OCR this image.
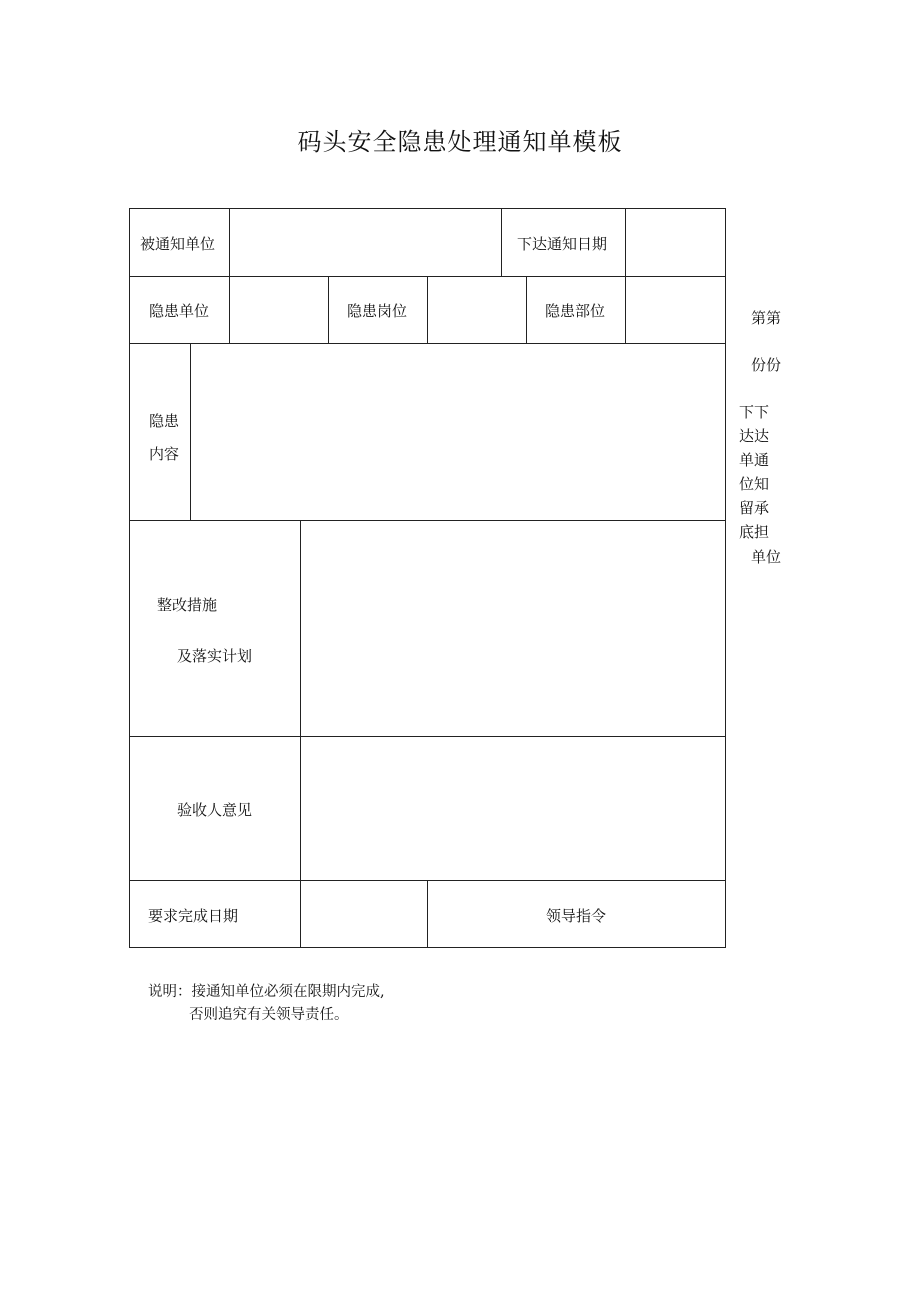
码头安全隐患处理通知单模板
被通知单位	下达通知日期
隐患单位	隐患岗位	隐患部位
隐患
内容
整改措施
及落实计划
验收人意见
要求完成日期	领导指令
第第
份份
下下
达达
单通
位知
留承
底担
单位
说明：接通知单位必须在限期内完成,
否则追究有关领导责任。
